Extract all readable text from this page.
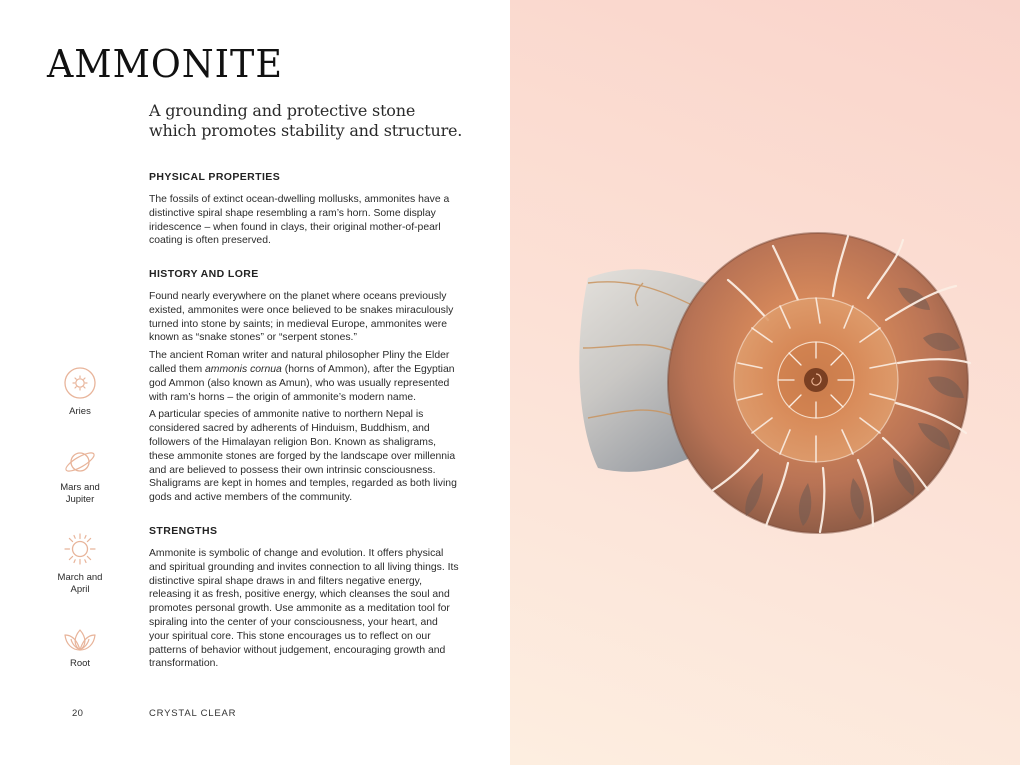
AMMONITE
A grounding and protective stone
which promotes stability and structure.
PHYSICAL PROPERTIES

The fossils of extinct ocean-dwelling mollusks, ammonites have a distinctive spiral shape resembling a ram’s horn. Some display iridescence – when found in clays, their original mother-of-pearl coating is often preserved.

HISTORY AND LORE

Found nearly everywhere on the planet where oceans previously existed, ammonites were once believed to be snakes miraculously turned into stone by saints; in medieval Europe, ammonites were known as “snake stones” or “serpent stones.”

The ancient Roman writer and natural philosopher Pliny the Elder called them ammonis cornua (horns of Ammon), after the Egyptian god Ammon (also known as Amun), who was usually represented with ram’s horns – the origin of ammonite’s modern name.

A particular species of ammonite native to northern Nepal is considered sacred by adherents of Hinduism, Buddhism, and followers of the Himalayan religion Bon. Known as shaligrams, these ammonite stones are forged by the landscape over millennia and are believed to possess their own intrinsic consciousness. Shaligrams are kept in homes and temples, regarded as both living gods and active members of the community.

STRENGTHS

Ammonite is symbolic of change and evolution. It offers physical and spiritual grounding and invites connection to all living things. Its distinctive spiral shape draws in and filters negative energy, releasing it as fresh, positive energy, which cleanses the soul and promotes personal growth. Use ammonite as a meditation tool for spiraling into the center of your consciousness, your heart, and your spiritual core. This stone encourages us to reflect on our patterns of behavior without judgement, encouraging growth and transformation.

Aries
Mars and
Jupiter
March and
April
Root
20	CRYSTAL CLEAR
